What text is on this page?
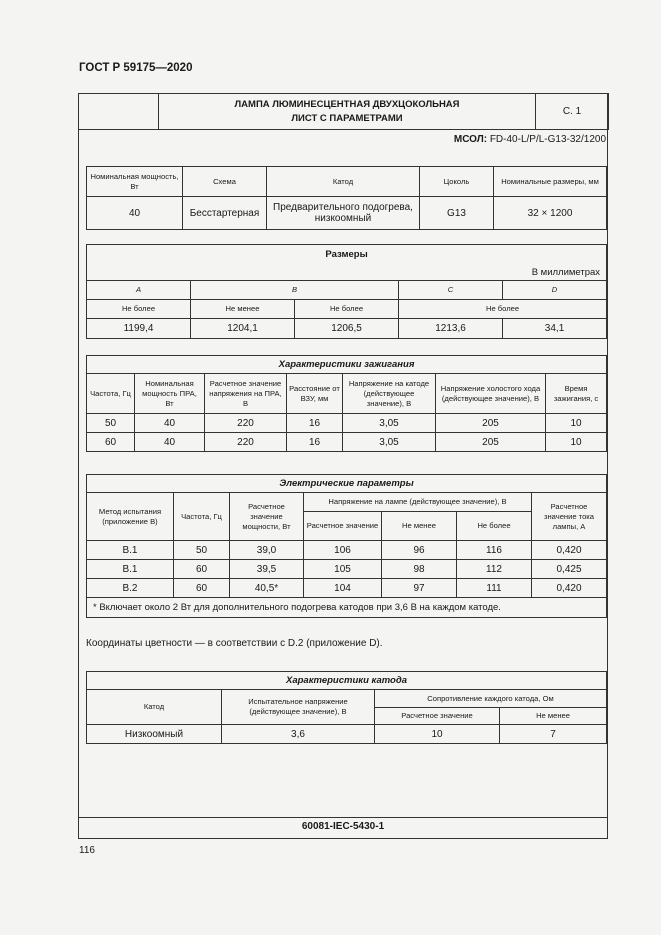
ГОСТ Р 59175—2020

ЛАМПА ЛЮМИНЕСЦЕНТНАЯ ДВУХЦОКОЛЬНАЯ
ЛИСТ С ПАРАМЕТРАМИ
	С. 1
МСОЛ: FD-40-L/P/L-G13-32/1200
Номинальная мощность, Вт	Схема	Катод	Цоколь	Номинальные размеры, мм
40	Бесстартерная	Предварительного подогрева, низкоомный	G13	32 × 1200
Размеры				
В миллиметрах				
A	B		C	D
Не более	Не менее	Не более	Не более	
1199,4	1204,1	1206,5	1213,6	34,1
Характеристики зажигания						
Частота, Гц	Номинальная мощность ПРА, Вт	Расчетное значение напряжения на ПРА, В	Расстояние от ВЗУ, мм	Напряжение на катоде (действующее значение), В	Напряжение холостого хода (действующее значение), В	Время зажигания, с
50	40	220	16	3,05	205	10
60	40	220	16	3,05	205	10
Электрические параметры						
Метод испытания (приложение B)	Частота, Гц	Расчетное значение мощности, Вт	Напряжение на лампе (действующее значение), В			Расчетное значение тока лампы, А
			Расчетное значение	Не менее	Не более	
B.1	50	39,0	106	96	116	0,420
B.1	60	39,5	105	98	112	0,425
B.2	60	40,5*	104	97	111	0,420
* Включает около 2 Вт для дополнительного подогрева катодов при 3,6 В на каждом катоде.						
Координаты цветности — в соответствии с D.2 (приложение D).
Характеристики катода			
Катод	Испытательное напряжение (действующее значение), В	Сопротивление каждого катода, Ом	
		Расчетное значение	Не менее
Низкоомный	3,6	10	7
60081-IEC-5430-1
116
